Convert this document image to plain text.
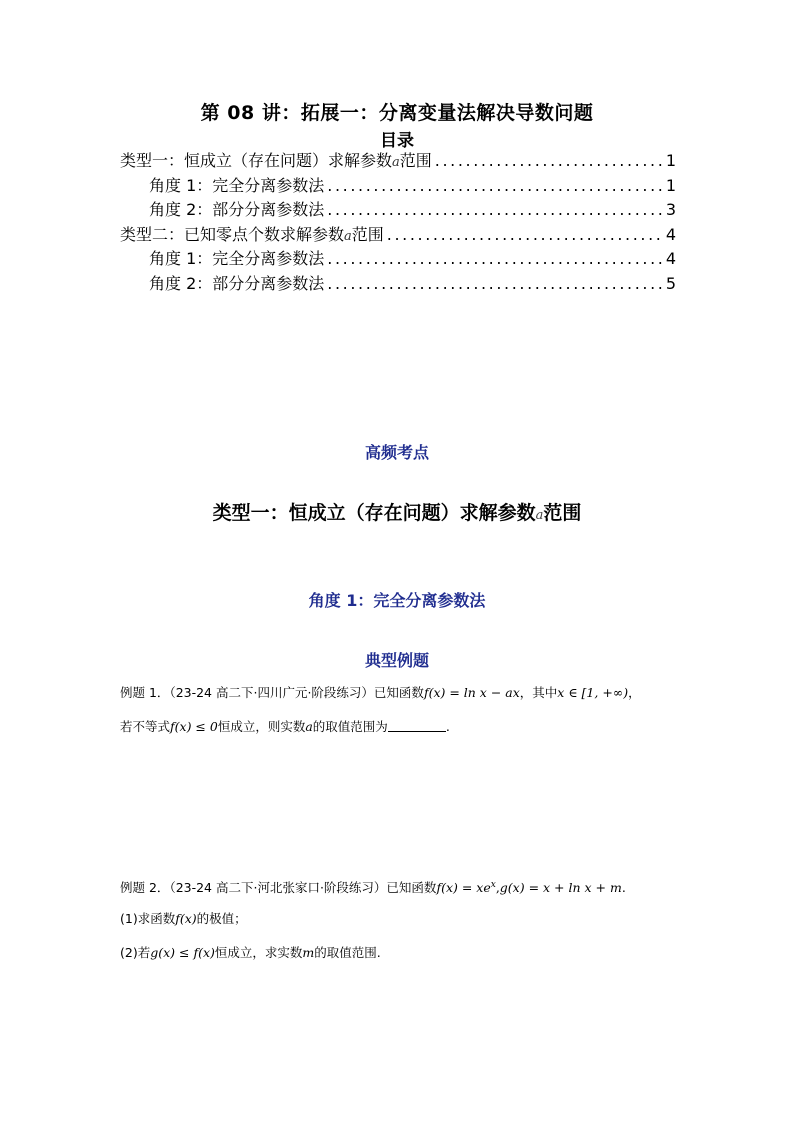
第 08 讲：拓展一：分离变量法解决导数问题
目录
类型一：恒成立（存在问题）求解参数a范围 .....	1
角度 1：完全分离参数法 .....	1
角度 2：部分分离参数法 .....	3
类型二：已知零点个数求解参数a范围 .....	4
角度 1：完全分离参数法 .....	4
角度 2：部分分离参数法 .....	5
高频考点
类型一：恒成立（存在问题）求解参数a范围
角度 1：完全分离参数法
典型例题
例题 1．（23-24 高二下·四川广元·阶段练习）已知函数f(x) = ln x − ax，其中x ∈ [1, +∞)，
若不等式f(x) ≤ 0恒成立，则实数a的取值范围为	.
例题 2．（23-24 高二下·河北张家口·阶段练习）已知函数$f(x) = xe^x,g(x) = x + \ln x + m$.
(1)求函数f(x)的极值；
(2)若g(x) ≤ f(x)恒成立，求实数m的取值范围.
